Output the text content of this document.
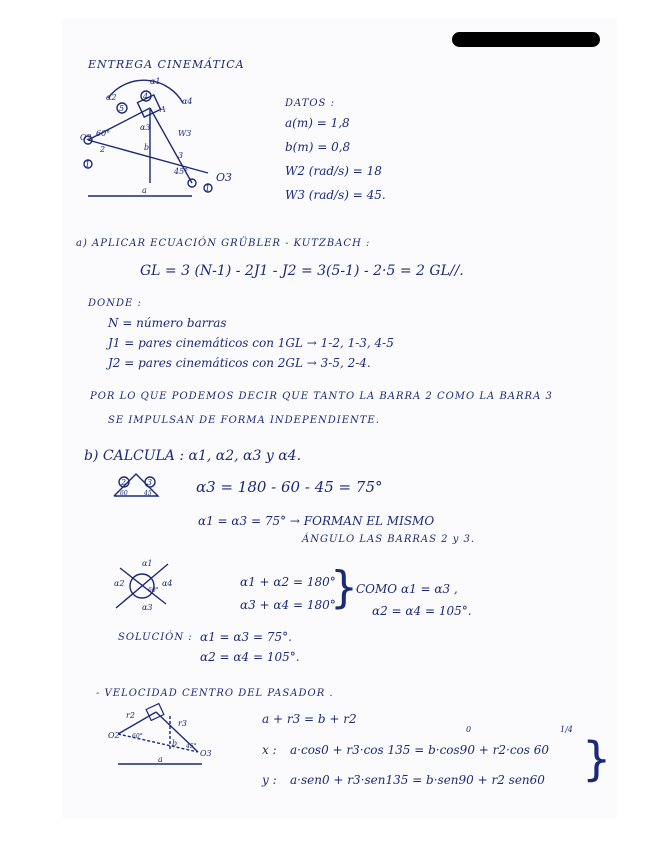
ENTREGA CINEMÁTICA
O2
O3
a
b
A
60°
45°
W3
α1
α2
α3
α4
1
1
2
3
4
5	DATOS :
a(m) = 1,8
b(m) = 0,8
W2 (rad/s) = 18
W3 (rad/s) = 45.
a) APLICAR ECUACIÓN GRÜBLER - KUTZBACH :
GL = 3 (N-1) - 2J1 - J2 = 3(5-1) - 2·5 = 2 GL//.
DONDE :
N = número barras
J1 = pares cinemáticos con 1GL → 1-2, 1-3, 4-5
J2 = pares cinemáticos con 2GL → 3-5, 2-4.
POR LO QUE PODEMOS DECIR QUE TANTO LA BARRA 2 COMO LA BARRA 3
SE IMPULSAN DE FORMA INDEPENDIENTE.
b) CALCULA : α1, α2, α3 y α4.
2	3
60	45	α3 = 180 - 60 - 45 = 75°
α1 = α3 = 75° → FORMAN EL MISMO
ÁNGULO LAS BARRAS 2 y 3.
α1
α2
α3
α4
60°
α1 + α2 = 180°
α3 + α4 = 180°
}
COMO α1 = α3 ,
α2 = α4 = 105°.
SOLUCIÓN : α1 = α3 = 75°.
α2 = α4 = 105°.
- VELOCIDAD CENTRO DEL PASADOR .
O2
O3
a
b
r2
r3
60°
45°
a + r3 = b + r2
x : a·cos0 + r3·cos 135 = b·cos90 + r2·cos 60
y : a·sen0 + r3·sen135 = b·sen90 + r2 sen60
0	1/4
}
